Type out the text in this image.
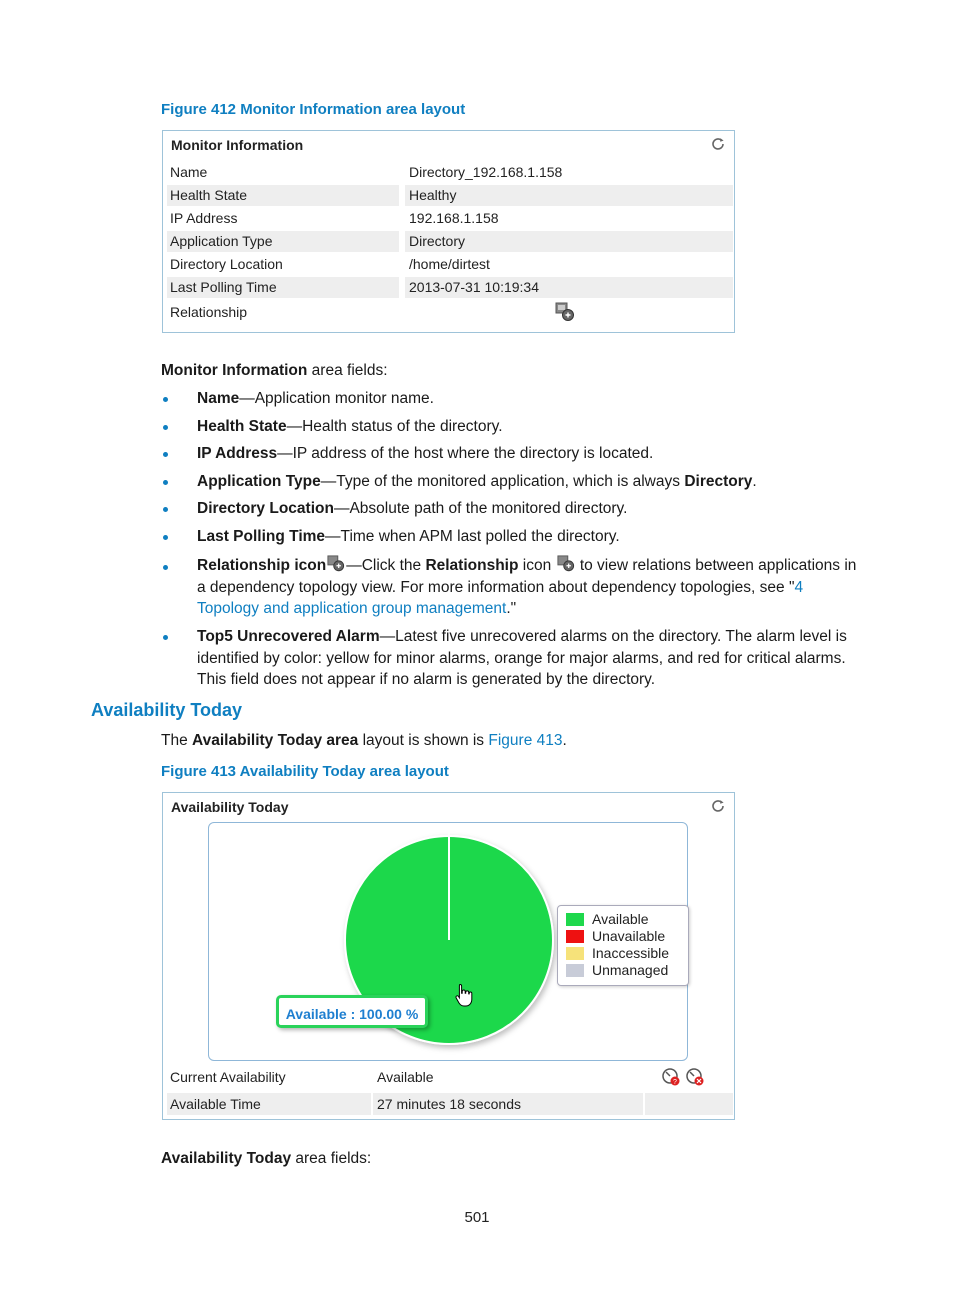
Figure 412 Monitor Information area layout
Monitor Information
Name	Directory_192.168.1.158
Health State	Healthy
IP Address	192.168.1.158
Application Type	Directory
Directory Location	/home/dirtest
Last Polling Time	2013-07-31 10:19:34
Relationship
Monitor Information area fields:
Name—Application monitor name.
Health State—Health status of the directory.
IP Address—IP address of the host where the directory is located.
Application Type—Type of the monitored application, which is always Directory.
Directory Location—Absolute path of the monitored directory.
Last Polling Time—Time when APM last polled the directory.
Relationship icon —Click the Relationship icon  to view relations between applications in a dependency topology view. For more information about dependency topologies, see "4 Topology and application group management."
Top5 Unrecovered Alarm—Latest five unrecovered alarms on the directory. The alarm level is identified by color: yellow for minor alarms, orange for major alarms, and red for critical alarms. This field does not appear if no alarm is generated by the directory.
Availability Today
The Availability Today area layout is shown is Figure 413.
Figure 413 Availability Today area layout
Availability Today
Available
Unavailable
Inaccessible
Unmanaged
Available : 100.00 %
Current Availability	Available	?
Available Time	27 minutes 18 seconds
Availability Today area fields:
501
